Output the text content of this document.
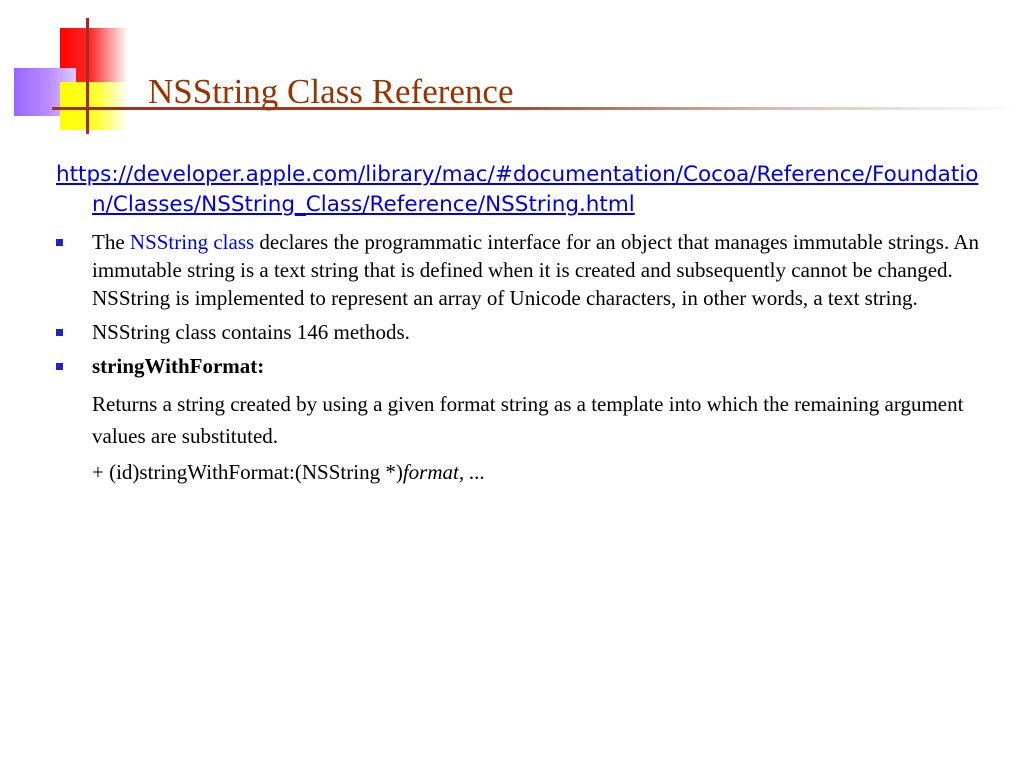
NSString Class Reference
https://developer.apple.com/library/mac/#documentation/Cocoa/Reference/Foundation/Classes/NSString_Class/Reference/NSString.html
The NSString class declares the programmatic interface for an object that manages immutable strings. An immutable string is a text string that is defined when it is created and subsequently cannot be changed. NSString is implemented to represent an array of Unicode characters, in other words, a text string.
NSString class contains 146 methods.
stringWithFormat:
Returns a string created by using a given format string as a template into which the remaining argument values are substituted.
+ (id)stringWithFormat:(NSString *)format, ...
